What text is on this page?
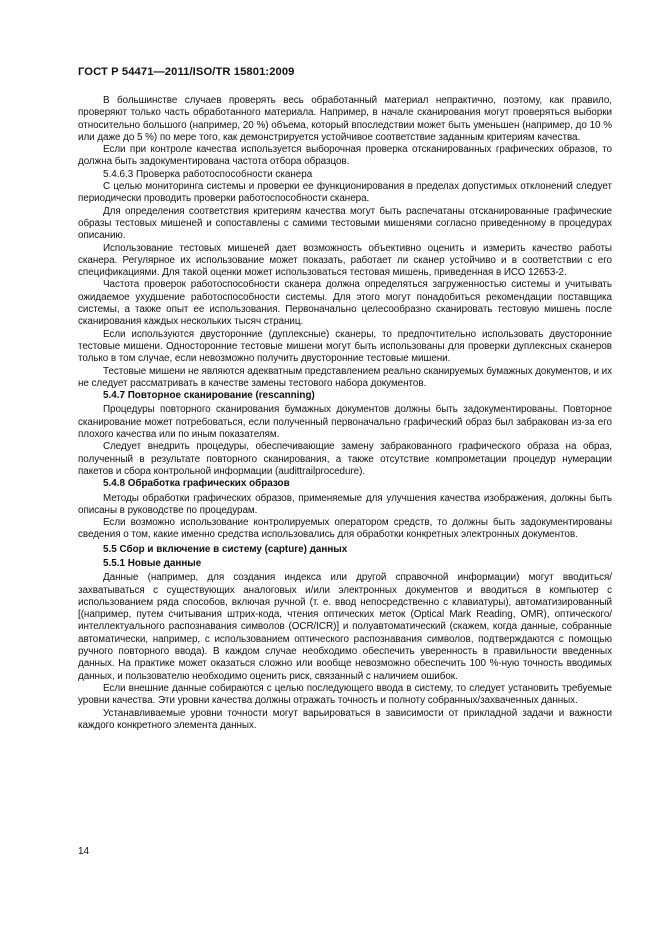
ГОСТ Р 54471—2011/ISO/TR 15801:2009

В большинстве случаев проверять весь обработанный материал непрактично, поэтому, как правило, проверяют только часть обработанного материала. Например, в начале сканирования могут проверяться выборки относительно большого (например, 20 %) объема, который впоследствии может быть уменьшен (например, до 10 % или даже до 5 %) по мере того, как демонстрируется устойчивое соответствие заданным критериям качества.

Если при контроле качества используется выборочная проверка отсканированных графических образов, то должна быть задокументирована частота отбора образцов.

5.4.6.3 Проверка работоспособности сканера

С целью мониторинга системы и проверки ее функционирования в пределах допустимых отклонений следует периодически проводить проверки работоспособности сканера.

Для определения соответствия критериям качества могут быть распечатаны отсканированные графические образы тестовых мишеней и сопоставлены с самими тестовыми мишенями согласно приведенному в процедурах описанию.

Использование тестовых мишеней дает возможность объективно оценить и измерить качество работы сканера. Регулярное их использование может показать, работает ли сканер устойчиво и в соответствии с его спецификациями. Для такой оценки может использоваться тестовая мишень, приведенная в ИСО 12653-2.

Частота проверок работоспособности сканера должна определяться загруженностью системы и учитывать ожидаемое ухудшение работоспособности системы. Для этого могут понадобиться рекомендации поставщика системы, а также опыт ее использования. Первоначально целесообразно сканировать тестовую мишень после сканирования каждых нескольких тысяч страниц.

Если используются двусторонние (дуплексные) сканеры, то предпочтительно использовать двусторонние тестовые мишени. Односторонние тестовые мишени могут быть использованы для проверки дуплексных сканеров только в том случае, если невозможно получить двусторонние тестовые мишени.

Тестовые мишени не являются адекватным представлением реально сканируемых бумажных документов, и их не следует рассматривать в качестве замены тестового набора документов.

5.4.7 Повторное сканирование (rescanning)

Процедуры повторного сканирования бумажных документов должны быть задокументированы. Повторное сканирование может потребоваться, если полученный первоначально графический образ был забракован из-за его плохого качества или по иным показателям.

Следует внедрить процедуры, обеспечивающие замену забракованного графического образа на образ, полученный в результате повторного сканирования, а также отсутствие компрометации процедур нумерации пакетов и сбора контрольной информации (audittrailprocedure).

5.4.8 Обработка графических образов

Методы обработки графических образов, применяемые для улучшения качества изображения, должны быть описаны в руководстве по процедурам.

Если возможно использование контролируемых оператором средств, то должны быть задокументированы сведения о том, какие именно средства использовались для обработки конкретных электронных документов.

5.5 Сбор и включение в систему (capture) данных

5.5.1 Новые данные

Данные (например, для создания индекса или другой справочной информации) могут вводиться/захватываться с существующих аналоговых и/или электронных документов и вводиться в компьютер с использованием ряда способов, включая ручной (т. е. ввод непосредственно с клавиатуры), автоматизированный [(например, путем считывания штрих-кода, чтения оптических меток (Optical Mark Reading, OMR), оптического/интеллектуального распознавания символов (OCR/ICR)] и полуавтоматический (скажем, когда данные, собранные автоматически, например, с использованием оптического распознавания символов, подтверждаются с помощью ручного повторного ввода). В каждом случае необходимо обеспечить уверенность в правильности введенных данных. На практике может оказаться сложно или вообще невозможно обеспечить 100 %-ную точность вводимых данных, и пользователю необходимо оценить риск, связанный с наличием ошибок.

Если внешние данные собираются с целью последующего ввода в систему, то следует установить требуемые уровни качества. Эти уровни качества должны отражать точность и полноту собранных/захваченных данных.

Устанавливаемые уровни точности могут варьироваться в зависимости от прикладной задачи и важности каждого конкретного элемента данных.

14
